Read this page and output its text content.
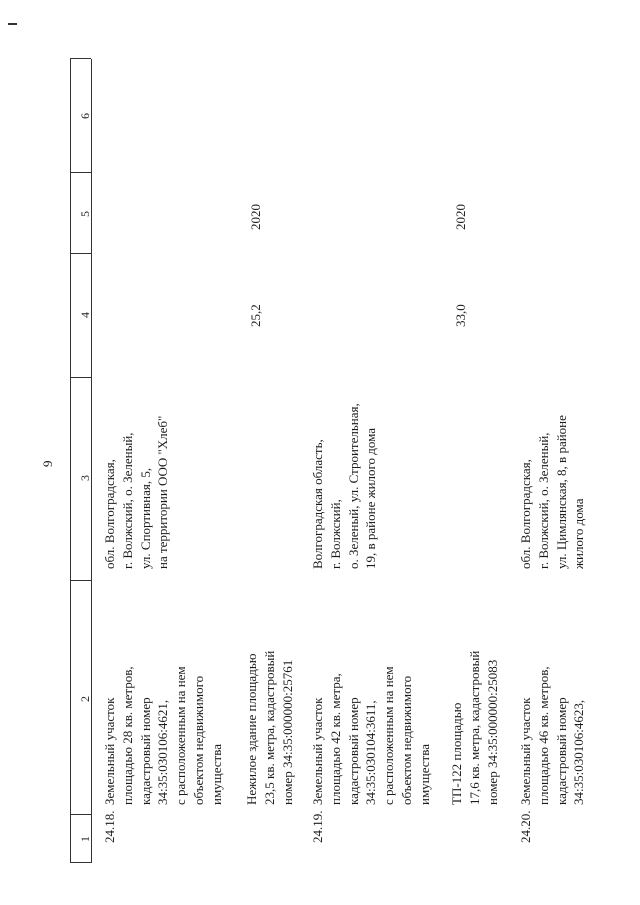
9
1
2
3
4
5
6
24.18.
Земельный участок площадью 28 кв. метров, кадастровый номер 34:35:030106:4621, с расположенным на нем объектом недвижимого имущества
обл. Волгоградская, г. Волжский, о. Зеленый, ул. Спортивная, 5, на территории ООО "Хлеб"
2020
Нежилое здание площадью 23,5 кв. метра, кадастровый номер 34:35:000000:25761
25,2
24.19.
Земельный участок площадью 42 кв. метра, кадастровый номер 34:35:030104:3611, с расположенным на нем объектом недвижимого имущества
Волгоградская область, г. Волжский, о. Зеленый, ул. Строительная, 19, в районе жилого дома
2020
ТП-122 площадью 17,6 кв. метра, кадастровый номер 34:35:000000:25083
33,0
24.20.
Земельный участок площадью 46 кв. метров, кадастровый номер 34:35:030106:4623,
обл. Волгоградская, г. Волжский, о. Зеленый, ул. Цимлянская, 8, в районе жилого дома
